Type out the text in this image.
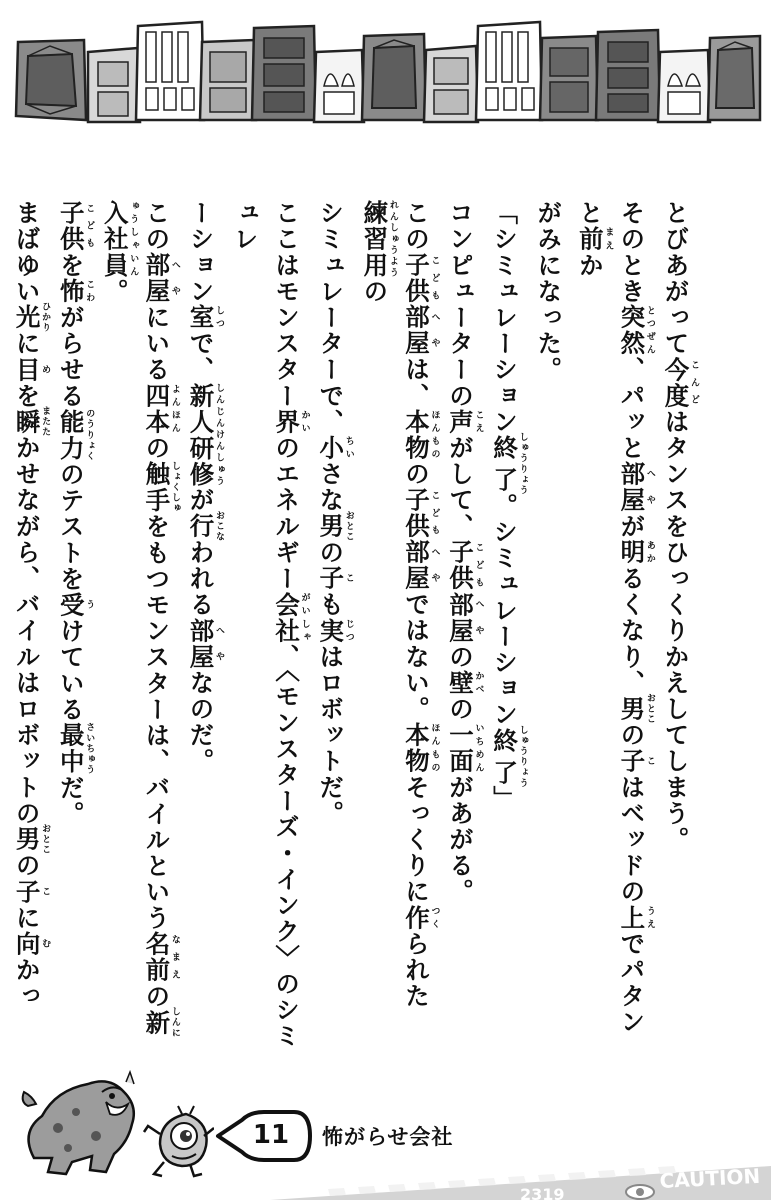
とびあがって今度こんどはタンスをひっくりかえしてしまう。

そのとき突然とつぜん、パッと部屋へやが明あかるくなり、男おとこの子こはベッドの上うえでパタンと前まえか

がみになった。

「シミュレーション終了しゅうりょう。シミュレーション終了しゅうりょう」

コンピューターの声こえがして、子供こども部屋へやの壁かべの一面いちめんがあがる。

この子供こども部屋へやは、本物ほんものの子供こども部屋へやではない。本物ほんものそっくりに作つくられた練習用れんしゅうようの

シミュレーターで、小ちいさな男おとこの子こも実じつはロボットだ。

ここはモンスター界かいのエネルギー会社がいしゃ、〈モンスターズ・インク〉のシミュレ

ーション室しつで、新人研修しんじんけんしゅうが行おこなわれる部屋へやなのだ。

この部屋へやにいる四本よんほんの触手しょくしゅをもつモンスターは、バイルという名前なまえの新入社員しんにゅうしゃいん。

子供こどもを怖こわがらせる能力のうりょくのテストを受うけている最中さいちゅうだ。

まばゆい光ひかりに目めを瞬またたかせながら、バイルはロボットの男おとこの子こに向むかっ

11	怖がらせ会社
2319
CAUTION
